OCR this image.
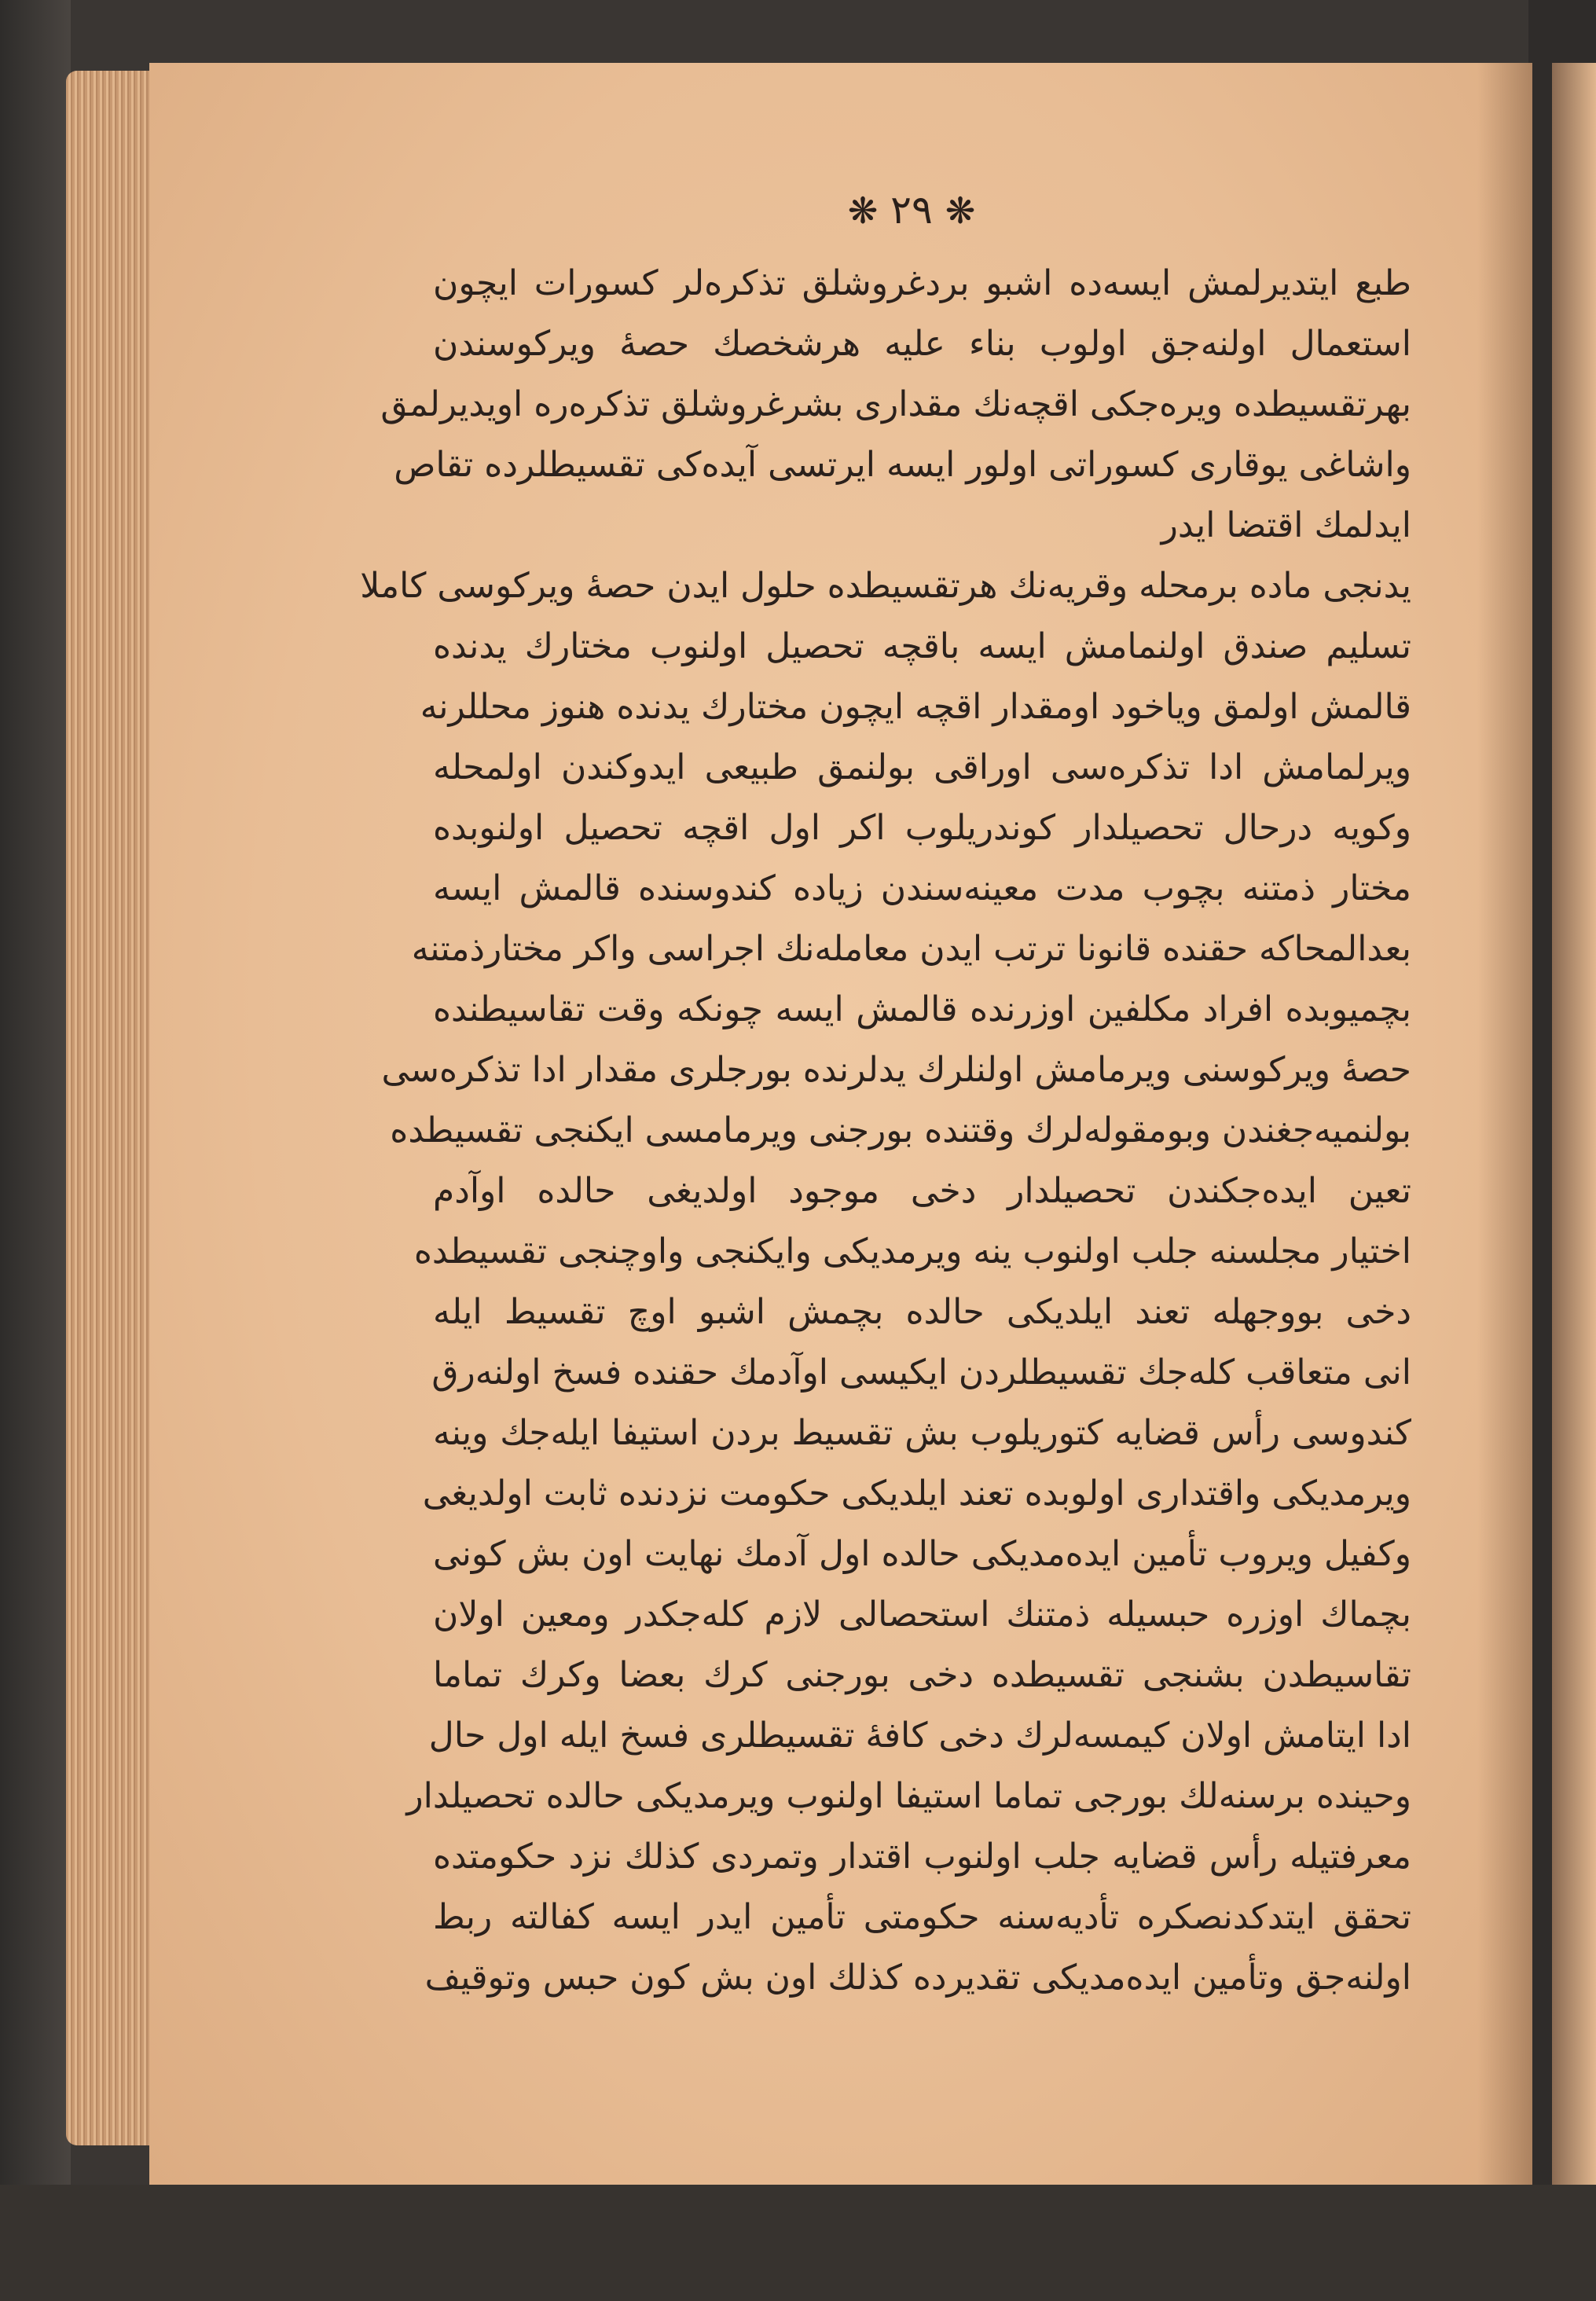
❋ ٢٩ ❋
طبع ایتدیرلمش ایسه‌ده اشبو بردغروشلق تذکره‌لر کسورات ایچون
استعمال اولنه‌جق اولوب بناء علیه هرشخصك حصهٔ ویرکوسندن
بهرتقسیطده ویره‌جکی اقچه‌نك مقداری بشرغروشلق تذکره‌ره اویدیرلمق
واشاغی یوقاری کسوراتی اولور ایسه ایرتسی آیده‌کی تقسیطلرده تقاص
ایدلمك اقتضا ایدر
یدنجی ماده برمحله وقریه‌نك هرتقسیطده حلول ایدن حصهٔ ویرکوسی کاملا
تسلیم صندق اولنمامش ایسه باقچه تحصیل اولنوب مختارك یدنده
قالمش اولمق وياخود اومقدار اقچه ایچون مختارك یدنده هنوز محللرنه
ویرلمامش ادا تذکره‌سی اوراقی بولنمق طبیعی ایدوکندن اولمحله
وکویه درحال تحصیلدار کوندریلوب اکر اول اقچه تحصیل اولنوبده
مختار ذمتنه بچوب مدت معینه‌سندن زیاده کندوسنده قالمش ایسه
بعدالمحاکه حقنده قانونا ترتب ایدن معامله‌نك اجراسی واکر مختارذمتنه
بچمیوبده افراد مکلفین اوزرنده قالمش ایسه چونکه وقت تقاسیطنده
حصهٔ ویرکوسنی ویرمامش اولنلرك یدلرنده بورجلری مقدار ادا تذکره‌سی
بولنمیه‌جغندن وبومقوله‌لرك وقتنده بورجنی ویرمامسی ایکنجی تقسیطده
تعین ایده‌جکندن تحصیلدار دخی موجود اولدیغی حالده اوآدم
اختیار مجلسنه جلب اولنوب ینه ویرمدیکی وایکنجی واوچنجی تقسیطده
دخی بووجهله تعند ایلدیکی حالده بچمش اشبو اوچ تقسیط ایله
انی متعاقب کله‌جك تقسیطلردن ایکیسی اوآدمك حقنده فسخ اولنه‌رق
کندوسی رأس قضایه کتوریلوب بش تقسیط بردن استیفا ایله‌جك وینه
ویرمدیکی واقتداری اولوبده تعند ایلدیکی حکومت نزدنده ثابت اولدیغی
وکفیل ویروب تأمین ایده‌مدیکی حالده اول آدمك نهایت اون بش کونی
بچماك اوزره حبسیله ذمتنك استحصالی لازم کله‌جکدر ومعین اولان
تقاسیطدن بشنجی تقسیطده دخی بورجنی کرك بعضا وکرك تماما
ادا ایتامش اولان کیمسه‌لرك دخی کافهٔ تقسیطلری فسخ ایله اول حال
وحینده برسنه‌لك بورجی تماما استیفا اولنوب ویرمدیکی حالده تحصیلدار
معرفتیله رأس قضایه جلب اولنوب اقتدار وتمردی کذلك نزد حکومتده
تحقق ایتدکدنصکره تأدیه‌سنه حکومتی تأمین ایدر ایسه کفالته ربط
اولنه‌جق وتأمین ایده‌مدیکی تقدیرده کذلك اون بش کون حبس وتوقیف
